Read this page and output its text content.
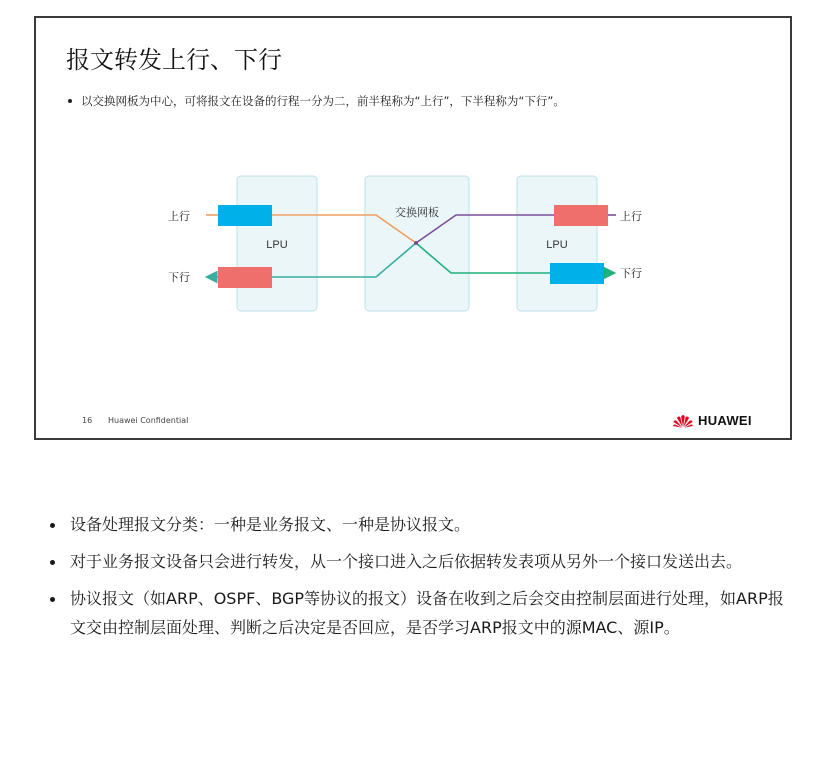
报文转发上行、下行
以交换网板为中心，可将报文在设备的行程一分为二，前半程称为“上行”，下半程称为“下行”。
LPU
交换网板
LPU
上行
下行
上行
下行
16 Huawei Confidential	HUAWEI
设备处理报文分类：一种是业务报文、一种是协议报文。
对于业务报文设备只会进行转发，从一个接口进入之后依据转发表项从另外一个接口发送出去。
协议报文（如ARP、OSPF、BGP等协议的报文）设备在收到之后会交由控制层面进行处理，如ARP报文交由控制层面处理、判断之后决定是否回应，是否学习ARP报文中的源MAC、源IP。
